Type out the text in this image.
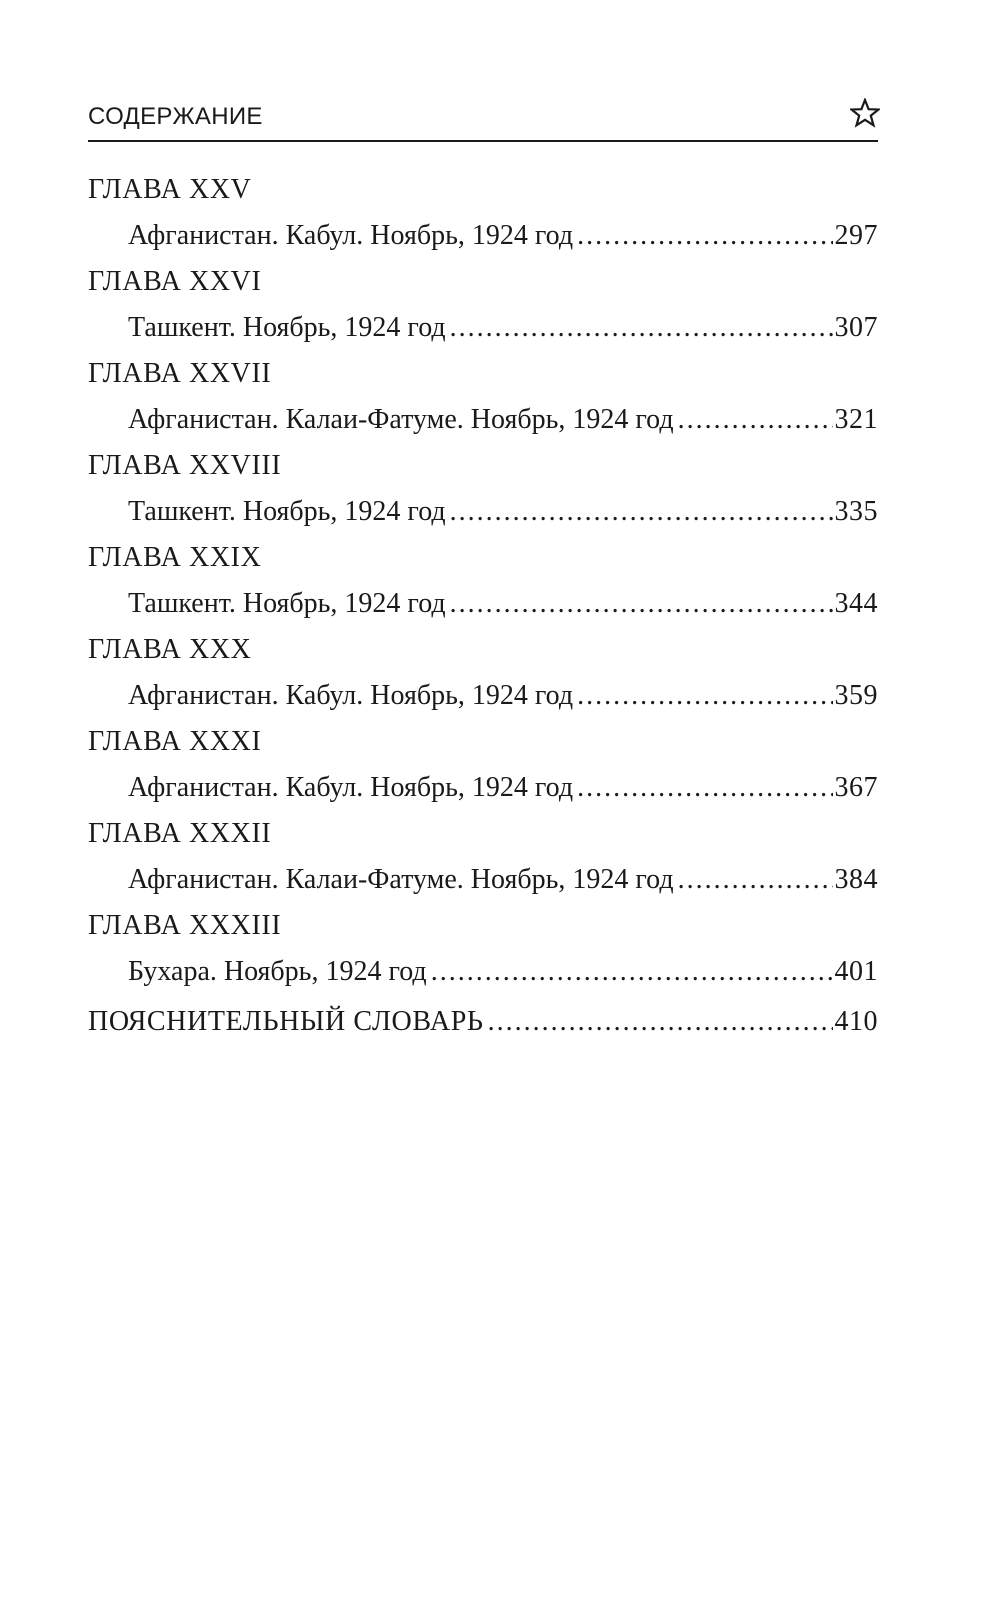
СОДЕРЖАНИЕ
ГЛАВА XXV
Афганистан. Кабул. Ноябрь, 1924 год .....	297
ГЛАВА XXVI
Ташкент. Ноябрь, 1924 год .....	307
ГЛАВА XXVII
Афганистан. Калаи-Фатуме. Ноябрь, 1924 год .....	321
ГЛАВА XXVIII
Ташкент. Ноябрь, 1924 год .....	335
ГЛАВА XXIX
Ташкент. Ноябрь, 1924 год .....	344
ГЛАВА XXX
Афганистан. Кабул. Ноябрь, 1924 год .....	359
ГЛАВА XXXI
Афганистан. Кабул. Ноябрь, 1924 год .....	367
ГЛАВА XXXII
Афганистан. Калаи-Фатуме. Ноябрь, 1924 год .....	384
ГЛАВА XXXIII
Бухара. Ноябрь, 1924 год .....	401
ПОЯСНИТЕЛЬНЫЙ СЛОВАРЬ .....	410
